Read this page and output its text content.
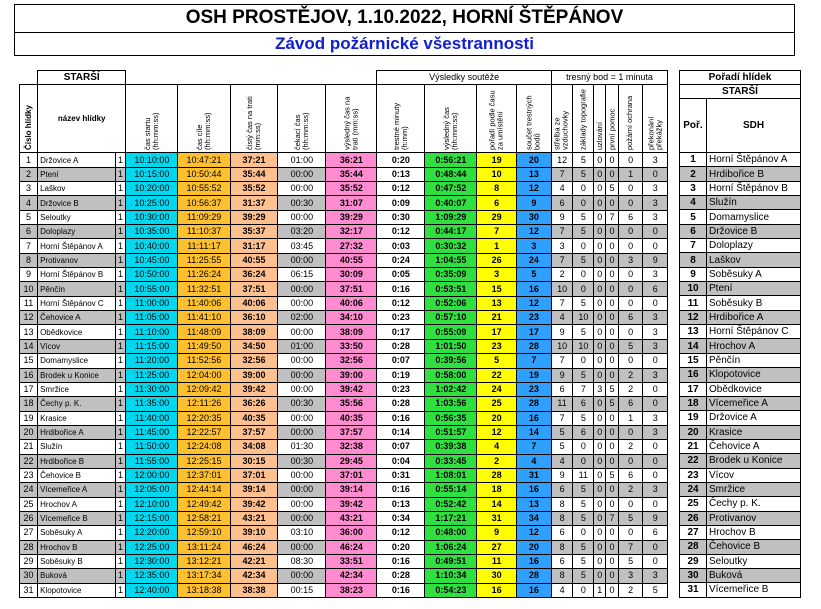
OSH PROSTĚJOV, 1.10.2022, HORNÍ ŠTĚPÁNOV
Závod požárnické všestrannosti
	STARŠÍ							Výsledky soutěže				tresný bod = 1 minuta					
Číslo hlídky	název hlídky		čas startu (hh:mm:ss)	čas cíle (hh:mm:ss)	čistý čas na trati (mm:ss)	čekací čas (hh:mm:ss)	výsledný čas na trati (mm:ss)	trestné minuty (h:mm)	výsledný čas (hh:mm:ss)	pořadí podle času za umístění	součet trestných bodů	střelba ze vzduchovky	základy topografie	uzlování	první pomoc	požární ochrana	překonání překážky
1	Držovice A	1	10:10:00	10:47:21	37:21	01:00	36:21	0:20	0:56:21	19	20	12	5	0	0	0	3
2	Ptení	1	10:15:00	10:50:44	35:44	00:00	35:44	0:13	0:48:44	10	13	7	5	0	0	1	0
3	Laškov	1	10:20:00	10:55:52	35:52	00:00	35:52	0:12	0:47:52	8	12	4	0	0	5	0	3
4	Držovice B	1	10:25:00	10:56:37	31:37	00:30	31:07	0:09	0:40:07	6	9	6	0	0	0	0	3
5	Seloutky	1	10:30:00	11:09:29	39:29	00:00	39:29	0:30	1:09:29	29	30	9	5	0	7	6	3
6	Doloplazy	1	10:35:00	11:10:37	35:37	03:20	32:17	0:12	0:44:17	7	12	7	5	0	0	0	0
7	Horní Štěpánov A	1	10:40:00	11:11:17	31:17	03:45	27:32	0:03	0:30:32	1	3	3	0	0	0	0	0
8	Protivanov	1	10:45:00	11:25:55	40:55	00:00	40:55	0:24	1:04:55	26	24	7	5	0	0	3	9
9	Horní Štěpánov B	1	10:50:00	11:26:24	36:24	06:15	30:09	0:05	0:35:09	3	5	2	0	0	0	0	3
10	Pěnčín	1	10:55:00	11:32:51	37:51	00:00	37:51	0:16	0:53:51	15	16	10	0	0	0	0	6
11	Horní Štěpánov C	1	11:00:00	11:40:06	40:06	00:00	40:06	0:12	0:52:06	13	12	7	5	0	0	0	0
12	Čehovice A	1	11:05:00	11:41:10	36:10	02:00	34:10	0:23	0:57:10	21	23	4	10	0	0	6	3
13	Obědkovice	1	11:10:00	11:48:09	38:09	00:00	38:09	0:17	0:55:09	17	17	9	5	0	0	0	3
14	Vícov	1	11:15:00	11:49:50	34:50	01:00	33:50	0:28	1:01:50	23	28	10	10	0	0	5	3
15	Domamyslice	1	11:20:00	11:52:56	32:56	00:00	32:56	0:07	0:39:56	5	7	7	0	0	0	0	0
16	Brodek u Konice	1	11:25:00	12:04:00	39:00	00:00	39:00	0:19	0:58:00	22	19	9	5	0	0	2	3
17	Smržice	1	11:30:00	12:09:42	39:42	00:00	39:42	0:23	1:02:42	24	23	6	7	3	5	2	0
18	Čechy p. K.	1	11:35:00	12:11:26	36:26	00:30	35:56	0:28	1:03:56	25	28	11	6	0	5	6	0
19	Krasice	1	11:40:00	12:20:35	40:35	00:00	40:35	0:16	0:56:35	20	16	7	5	0	0	1	3
20	Hrdibořice A	1	11:45:00	12:22:57	37:57	00:00	37:57	0:14	0:51:57	12	14	5	6	0	0	0	3
21	Služín	1	11:50:00	12:24:08	34:08	01:30	32:38	0:07	0:39:38	4	7	5	0	0	0	2	0
22	Hrdibořice B	1	11:55:00	12:25:15	30:15	00:30	29:45	0:04	0:33:45	2	4	4	0	0	0	0	0
23	Čehovice B	1	12:00:00	12:37:01	37:01	00:00	37:01	0:31	1:08:01	28	31	9	11	0	5	6	0
24	Vícemeřice A	1	12:05:00	12:44:14	39:14	00:00	39:14	0:16	0:55:14	18	16	6	5	0	0	2	3
25	Hrochov A	1	12:10:00	12:49:42	39:42	00:00	39:42	0:13	0:52:42	14	13	8	5	0	0	0	0
26	Vícemeřice B	1	12:15:00	12:58:21	43:21	00:00	43:21	0:34	1:17:21	31	34	8	5	0	7	5	9
27	Soběsuky A	1	12:20:00	12:59:10	39:10	03:10	36:00	0:12	0:48:00	9	12	6	0	0	0	0	6
28	Hrochov B	1	12:25:00	13:11:24	46:24	00:00	46:24	0:20	1:06:24	27	20	8	5	0	0	7	0
29	Soběsuky B	1	12:30:00	13:12:21	42:21	08:30	33:51	0:16	0:49:51	11	16	6	5	0	0	5	0
30	Buková	1	12:35:00	13:17:34	42:34	00:00	42:34	0:28	1:10:34	30	28	8	5	0	0	3	3
31	Klopotovice	1	12:40:00	13:18:38	38:38	00:15	38:23	0:16	0:54:23	16	16	4	0	1	0	2	5
Pořadí hlídek	
STARŠÍ	
Poř.	SDH
1	Horní Štěpánov A
2	Hrdibořice B
3	Horní Štěpánov B
4	Služín
5	Domamyslice
6	Držovice B
7	Doloplazy
8	Laškov
9	Soběsuky A
10	Ptení
11	Soběsuky B
12	Hrdibořice A
13	Horní Štěpánov C
14	Hrochov A
15	Pěnčín
16	Klopotovice
17	Obědkovice
18	Vícemeřice A
19	Držovice A
20	Krasice
21	Čehovice A
22	Brodek u Konice
23	Vícov
24	Smržice
25	Čechy p. K.
26	Protivanov
27	Hrochov B
28	Čehovice B
29	Seloutky
30	Buková
31	Vícemeřice B
